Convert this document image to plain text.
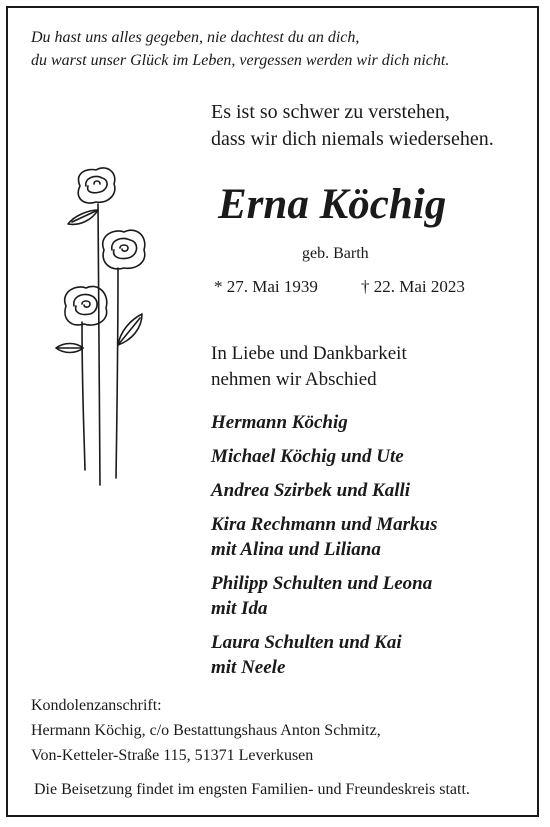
Du hast uns alles gegeben, nie dachtest du an dich,
du warst unser Glück im Leben, vergessen werden wir dich nicht.
Es ist so schwer zu verstehen,
dass wir dich niemals wiedersehen.
Erna Köchig
geb. Barth
* 27. Mai 1939	† 22. Mai 2023
In Liebe und Dankbarkeit
nehmen wir Abschied
Hermann Köchig
Michael Köchig und Ute
Andrea Szirbek und Kalli
Kira Rechmann und Markus
mit Alina und Liliana
Philipp Schulten und Leona
mit Ida
Laura Schulten und Kai
mit Neele
Kondolenzanschrift:
Hermann Köchig, c/o Bestattungshaus Anton Schmitz,
Von-Ketteler-Straße 115, 51371 Leverkusen
Die Beisetzung findet im engsten Familien- und Freundeskreis statt.
